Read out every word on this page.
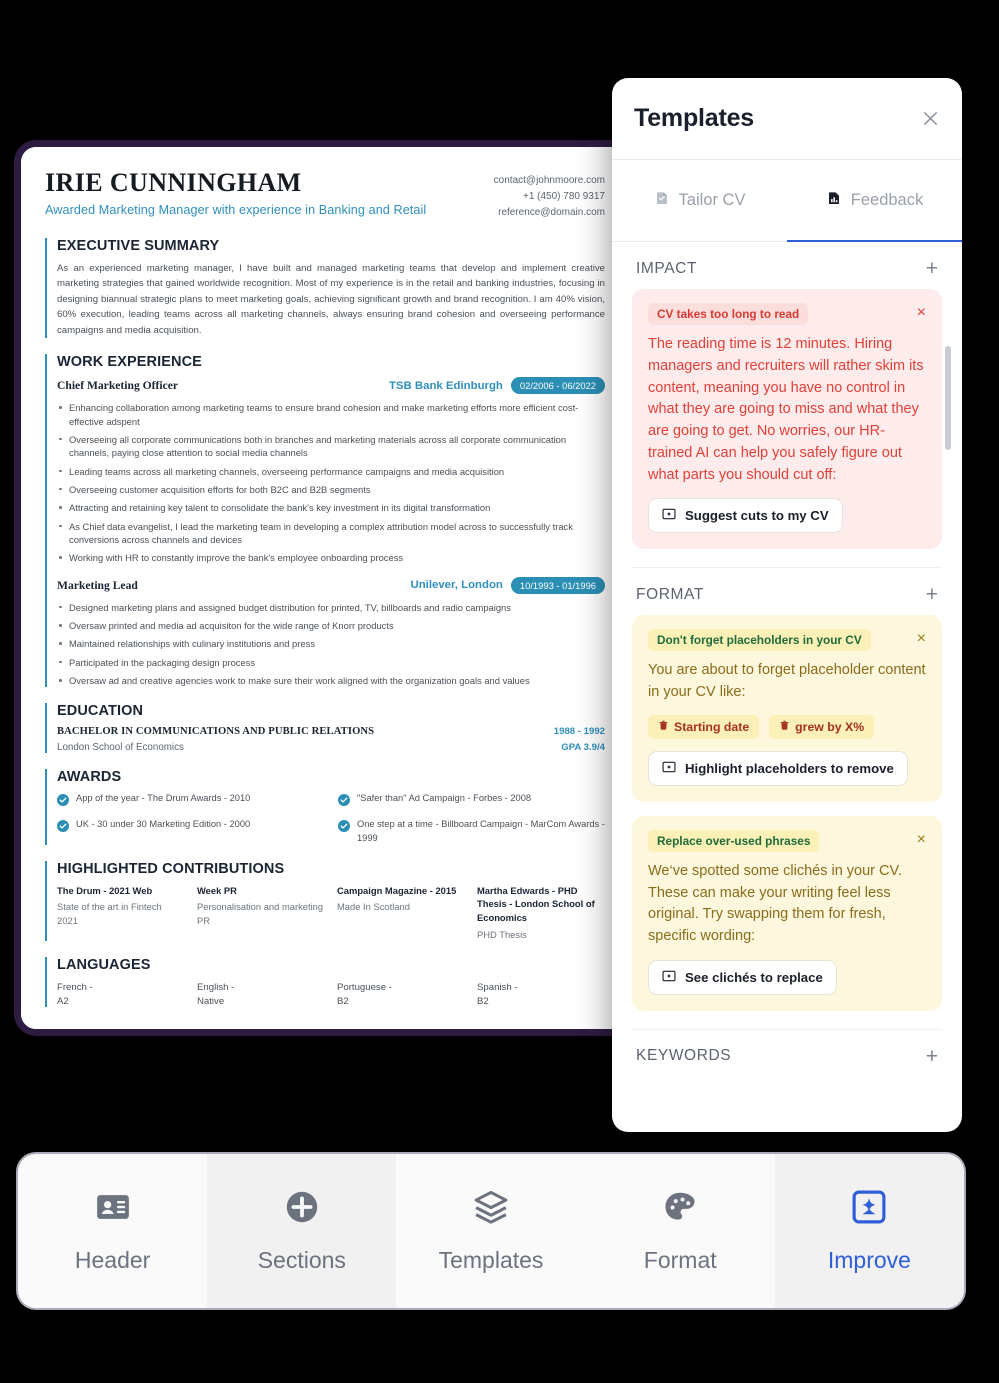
IRIE CUNNINGHAM
Awarded Marketing Manager with experience in Banking and Retail
contact@johnmoore.com
+1 (450) 780 9317
reference@domain.com
EXECUTIVE SUMMARY
As an experienced marketing manager, I have built and managed marketing teams that develop and implement creative marketing strategies that gained worldwide recognition. Most of my experience is in the retail and banking industries, focusing in designing biannual strategic plans to meet marketing goals, achieving significant growth and brand recognition. I am 40% vision, 60% execution, leading teams across all marketing channels, always ensuring brand cohesion and overseeing performance campaigns and media acquisition.
WORK EXPERIENCE
Chief Marketing Officer	TSB Bank Edinburgh	02/2006 - 06/2022
Enhancing collaboration among marketing teams to ensure brand cohesion and make marketing efforts more efficient cost-effective adspent
Overseeing all corporate communications both in branches and marketing materials across all corporate communication channels, paying close attention to social media channels
Leading teams across all marketing channels, overseeing performance campaigns and media acquisition
Overseeing customer acquisition efforts for both B2C and B2B segments
Attracting and retaining key talent to consolidate the bank's key investment in its digital transformation
As Chief data evangelist, I lead the marketing team in developing a complex attribution model across to successfully track conversions across channels and devices
Working with HR to constantly improve the bank's employee onboarding process
Marketing Lead	Unilever, London	10/1993 - 01/1996
Designed marketing plans and assigned budget distribution for printed, TV, billboards and radio campaigns
Oversaw printed and media ad acquisiton for the wide range of Knorr products
Maintained relationships with culinary institutions and press
Participated in the packaging design process
Oversaw ad and creative agencies work to make sure their work aligned with the organization goals and values
EDUCATION
BACHELOR IN COMMUNICATIONS AND PUBLIC RELATIONS	1988 - 1992
London School of Economics	GPA 3.9/4
AWARDS
App of the year - The Drum Awards - 2010	"Safer than" Ad Campaign - Forbes - 2008
UK - 30 under 30 Marketing Edition - 2000	One step at a time - Billboard Campaign - MarCom Awards - 1999
HIGHLIGHTED CONTRIBUTIONS
The Drum - 2021 Web
State of the art in Fintech 2021
Week PR
Personalisation and marketing PR
Campaign Magazine - 2015
Made In Scotland
Martha Edwards - PHD Thesis - London School of Economics
PHD Thesis
LANGUAGES
French -
A2
English -
Native
Portuguese -
B2
Spanish -
B2
Templates
Tailor CV	Feedback
IMPACT	+
CV takes too long to read	×
The reading time is 12 minutes. Hiring managers and recruiters will rather skim its content, meaning you have no control in what they are going to miss and what they are going to get. No worries, our HR-trained AI can help you safely figure out what parts you should cut off:
Suggest cuts to my CV
FORMAT	+
Don't forget placeholders in your CV	×
You are about to forget placeholder content in your CV like:
Starting date	grew by X%
Highlight placeholders to remove
Replace over-used phrases	×
We‘ve spotted some clichés in your CV. These can make your writing feel less original. Try swapping them for fresh, specific wording:
See clichés to replace
KEYWORDS	+
Header	Sections	Templates	Format	Improve
